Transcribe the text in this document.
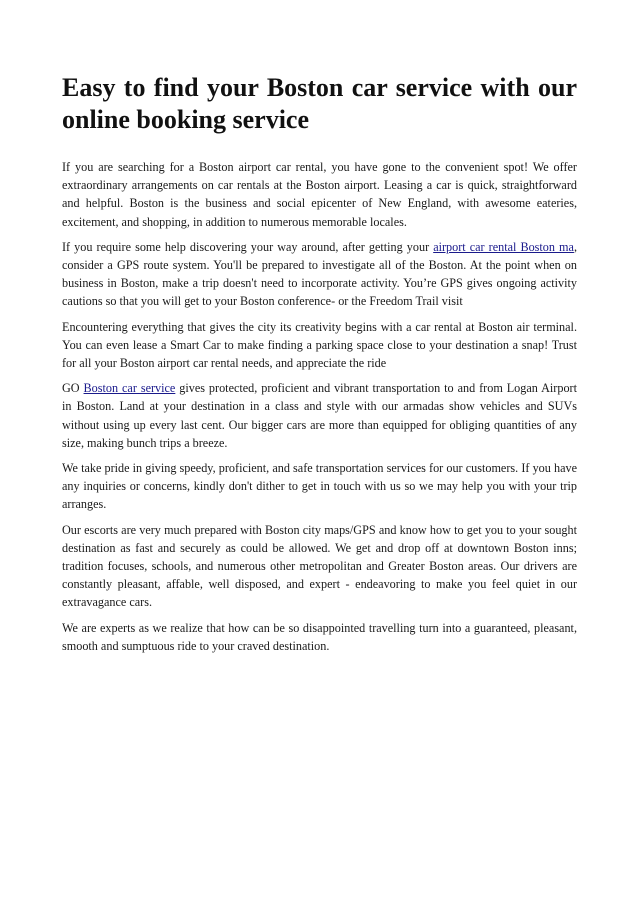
Easy to find your Boston car service with our online booking service

If you are searching for a Boston airport car rental, you have gone to the convenient spot! We offer extraordinary arrangements on car rentals at the Boston airport. Leasing a car is quick, straightforward and helpful. Boston is the business and social epicenter of New England, with awesome eateries, excitement, and shopping, in addition to numerous memorable locales.

If you require some help discovering your way around, after getting your airport car rental Boston ma, consider a GPS route system. You'll be prepared to investigate all of the Boston. At the point when on business in Boston, make a trip doesn't need to incorporate activity. You’re GPS gives ongoing activity cautions so that you will get to your Boston conference- or the Freedom Trail visit

Encountering everything that gives the city its creativity begins with a car rental at Boston air terminal. You can even lease a Smart Car to make finding a parking space close to your destination a snap! Trust for all your Boston airport car rental needs, and appreciate the ride

GO Boston car service gives protected, proficient and vibrant transportation to and from Logan Airport in Boston. Land at your destination in a class and style with our armadas show vehicles and SUVs without using up every last cent. Our bigger cars are more than equipped for obliging quantities of any size, making bunch trips a breeze.

We take pride in giving speedy, proficient, and safe transportation services for our customers. If you have any inquiries or concerns, kindly don't dither to get in touch with us so we may help you with your trip arranges.

Our escorts are very much prepared with Boston city maps/GPS and know how to get you to your sought destination as fast and securely as could be allowed. We get and drop off at downtown Boston inns; tradition focuses, schools, and numerous other metropolitan and Greater Boston areas. Our drivers are constantly pleasant, affable, well disposed, and expert - endeavoring to make you feel quiet in our extravagance cars.

We are experts as we realize that how can be so disappointed travelling turn into a guaranteed, pleasant, smooth and sumptuous ride to your craved destination.
